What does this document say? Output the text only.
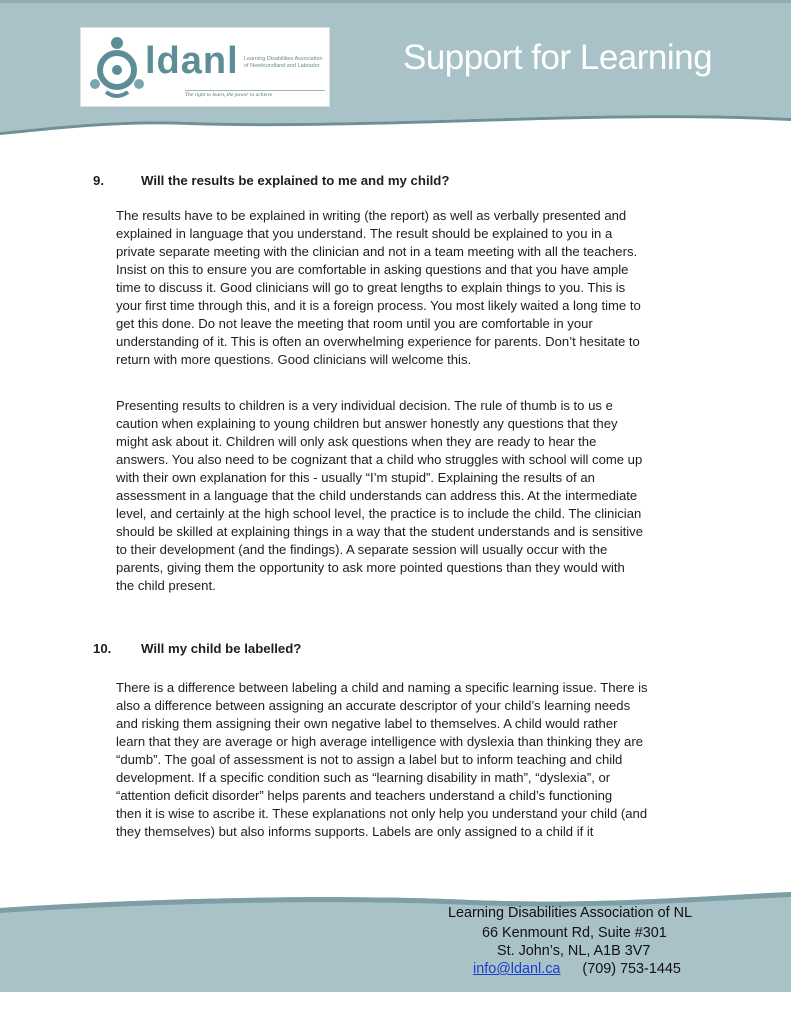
ldanl Learning Disabilities Association of Newfoundland and Labrador
The right to learn, the power to achieve
Support for Learning
9.	Will the results be explained to me and my child?
The results have to be explained in writing (the report) as well as verbally presented and
explained in language that you understand. The result should be explained to you in a
private separate meeting with the clinician and not in a team meeting with all the teachers.
Insist on this to ensure you are comfortable in asking questions and that you have ample
time to discuss it. Good clinicians will go to great lengths to explain things to you. This is
your first time through this, and it is a foreign process. You most likely waited a long time to
get this done. Do not leave the meeting that room until you are comfortable in your
understanding of it. This is often an overwhelming experience for parents. Don’t hesitate to
return with more questions. Good clinicians will welcome this.
Presenting results to children is a very individual decision. The rule of thumb is to us e
caution when explaining to young children but answer honestly any questions that they
might ask about it. Children will only ask questions when they are ready to hear the
answers. You also need to be cognizant that a child who struggles with school will come up
with their own explanation for this - usually “I’m stupid”. Explaining the results of an
assessment in a language that the child understands can address this. At the intermediate
level, and certainly at the high school level, the practice is to include the child. The clinician
should be skilled at explaining things in a way that the student understands and is sensitive
to their development (and the findings). A separate session will usually occur with the
parents, giving them the opportunity to ask more pointed questions than they would with
the child present.
10. Will my child be labelled?
There is a difference between labeling a child and naming a specific learning issue. There is
also a difference between assigning an accurate descriptor of your child’s learning needs
and risking them assigning their own negative label to themselves. A child would rather
learn that they are average or high average intelligence with dyslexia than thinking they are
“dumb”. The goal of assessment is not to assign a label but to inform teaching and child
development. If a specific condition such as “learning disability in math”, “dyslexia”, or
“attention deficit disorder” helps parents and teachers understand a child’s functioning
then it is wise to ascribe it. These explanations not only help you understand your child (and
they themselves) but also informs supports. Labels are only assigned to a child if it
Learning Disabilities Association of NL
66 Kenmount Rd, Suite #301
St. John’s, NL, A1B 3V7
info@ldanl.ca (709) 753-1445
